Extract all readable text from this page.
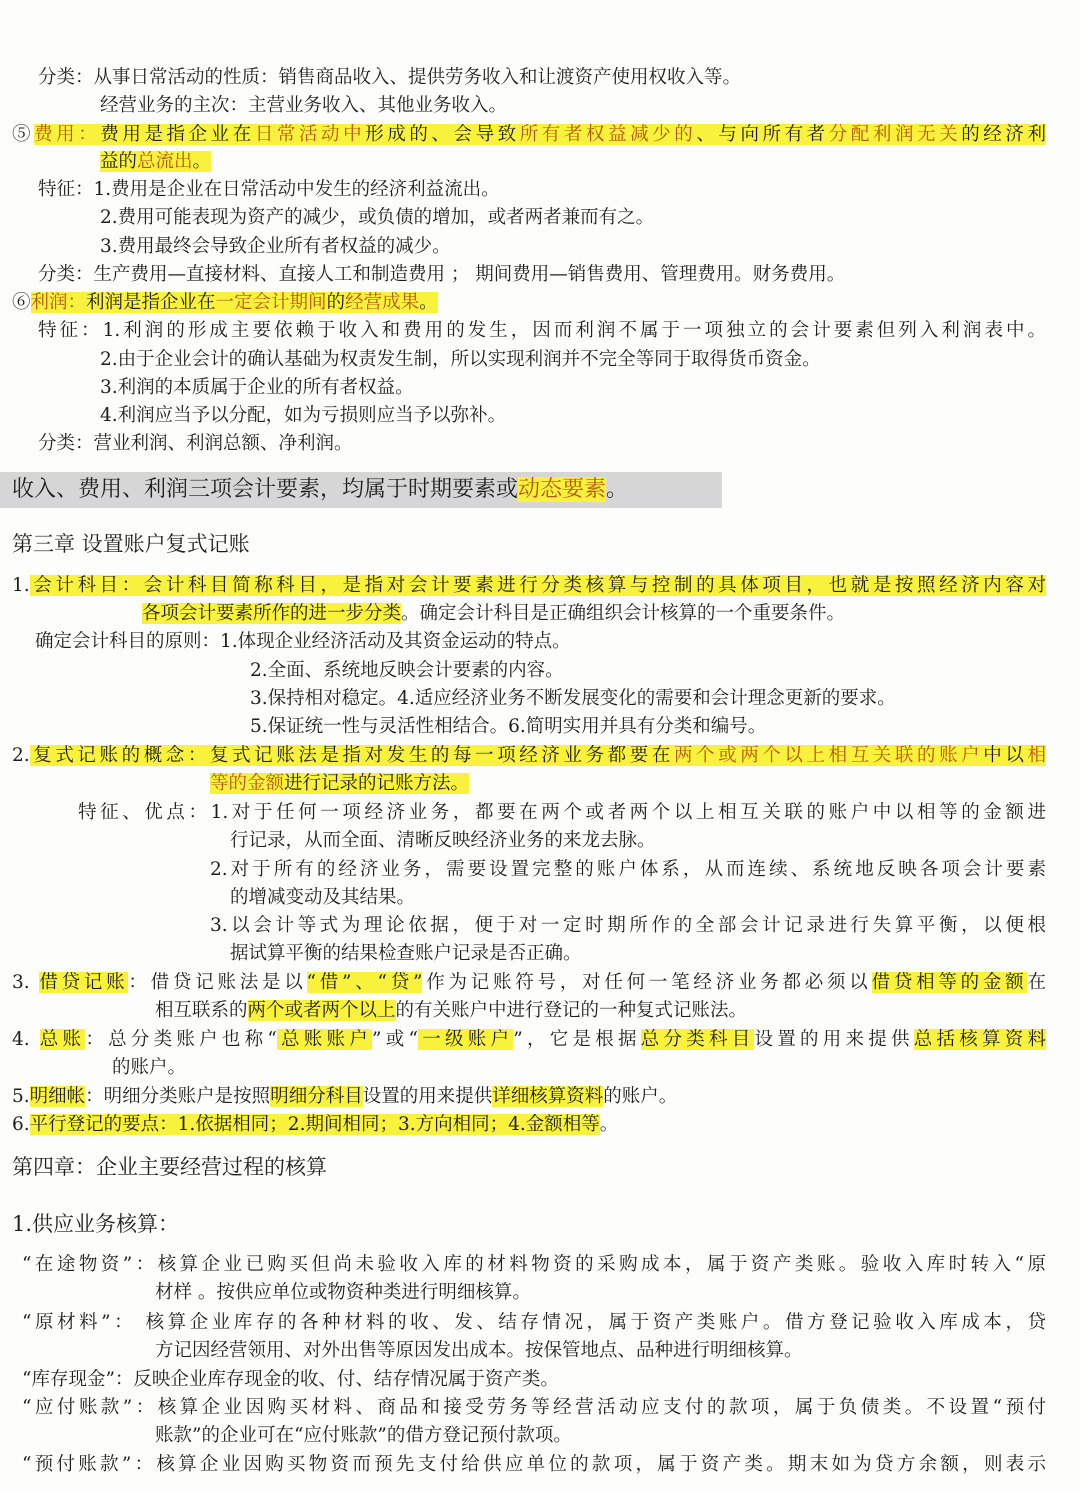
分类：从事日常活动的性质：销售商品收入、提供劳务收入和让渡资产使用权收入等。
经营业务的主次：主营业务收入、其他业务收入。
⑤费用：费用是指企业在日常活动中形成的、会导致所有者权益减少的、与向所有者分配利润无关的经济利
益的总流出。
特征：1.费用是企业在日常活动中发生的经济利益流出。
2.费用可能表现为资产的减少，或负债的增加，或者两者兼而有之。
3.费用最终会导致企业所有者权益的减少。
分类：生产费用—直接材料、直接人工和制造费用 ； 期间费用—销售费用、管理费用。财务费用。
⑥利润：利润是指企业在一定会计期间的经营成果。
特征：1.利润的形成主要依赖于收入和费用的发生，因而利润不属于一项独立的会计要素但列入利润表中。
2.由于企业会计的确认基础为权责发生制，所以实现利润并不完全等同于取得货币资金。
3.利润的本质属于企业的所有者权益。
4.利润应当予以分配，如为亏损则应当予以弥补。
分类：营业利润、利润总额、净利润。
收入、费用、利润三项会计要素，均属于时期要素或动态要素。
第三章 设置账户复式记账
1.会计科目：会计科目简称科目，是指对会计要素进行分类核算与控制的具体项目，也就是按照经济内容对
各项会计要素所作的进一步分类。确定会计科目是正确组织会计核算的一个重要条件。
确定会计科目的原则：1.体现企业经济活动及其资金运动的特点。
2.全面、系统地反映会计要素的内容。
3.保持相对稳定。4.适应经济业务不断发展变化的需要和会计理念更新的要求。
5.保证统一性与灵活性相结合。6.简明实用并具有分类和编号。
2.复式记账的概念：复式记账法是指对发生的每一项经济业务都要在两个或两个以上相互关联的账户中以相
等的金额进行记录的记账方法。
特征、优点：1.对于任何一项经济业务，都要在两个或者两个以上相互关联的账户中以相等的金额进
行记录，从而全面、清晰反映经济业务的来龙去脉。
2.对于所有的经济业务，需要设置完整的账户体系，从而连续、系统地反映各项会计要素
的增减变动及其结果。
3.以会计等式为理论依据，便于对一定时期所作的全部会计记录进行失算平衡，以便根
据试算平衡的结果检查账户记录是否正确。
3. 借贷记账：借贷记账法是以“借”、“贷”作为记账符号，对任何一笔经济业务都必须以借贷相等的金额在
相互联系的两个或者两个以上的有关账户中进行登记的一种复式记账法。
4. 总账：总分类账户也称“总账账户”或“一级账户”，它是根据总分类科目设置的用来提供总括核算资料
的账户。
5.明细帐：明细分类账户是按照明细分科目设置的用来提供详细核算资料的账户。
6.平行登记的要点：1.依据相同；2.期间相同；3.方向相同；4.金额相等。
第四章：企业主要经营过程的核算
1.供应业务核算：
“在途物资”：核算企业已购买但尚未验收入库的材料物资的采购成本，属于资产类账。验收入库时转入“原
材样 。按供应单位或物资种类进行明细核算。
“原材料”： 核算企业库存的各种材料的收、发、结存情况，属于资产类账户。借方登记验收入库成本，贷
方记因经营领用、对外出售等原因发出成本。按保管地点、品种进行明细核算。
“库存现金”：反映企业库存现金的收、付、结存情况属于资产类。
“应付账款”：核算企业因购买材料、商品和接受劳务等经营活动应支付的款项，属于负债类。不设置“预付
账款”的企业可在“应付账款”的借方登记预付款项。
“预付账款”：核算企业因购买物资而预先支付给供应单位的款项，属于资产类。期末如为贷方余额，则表示
